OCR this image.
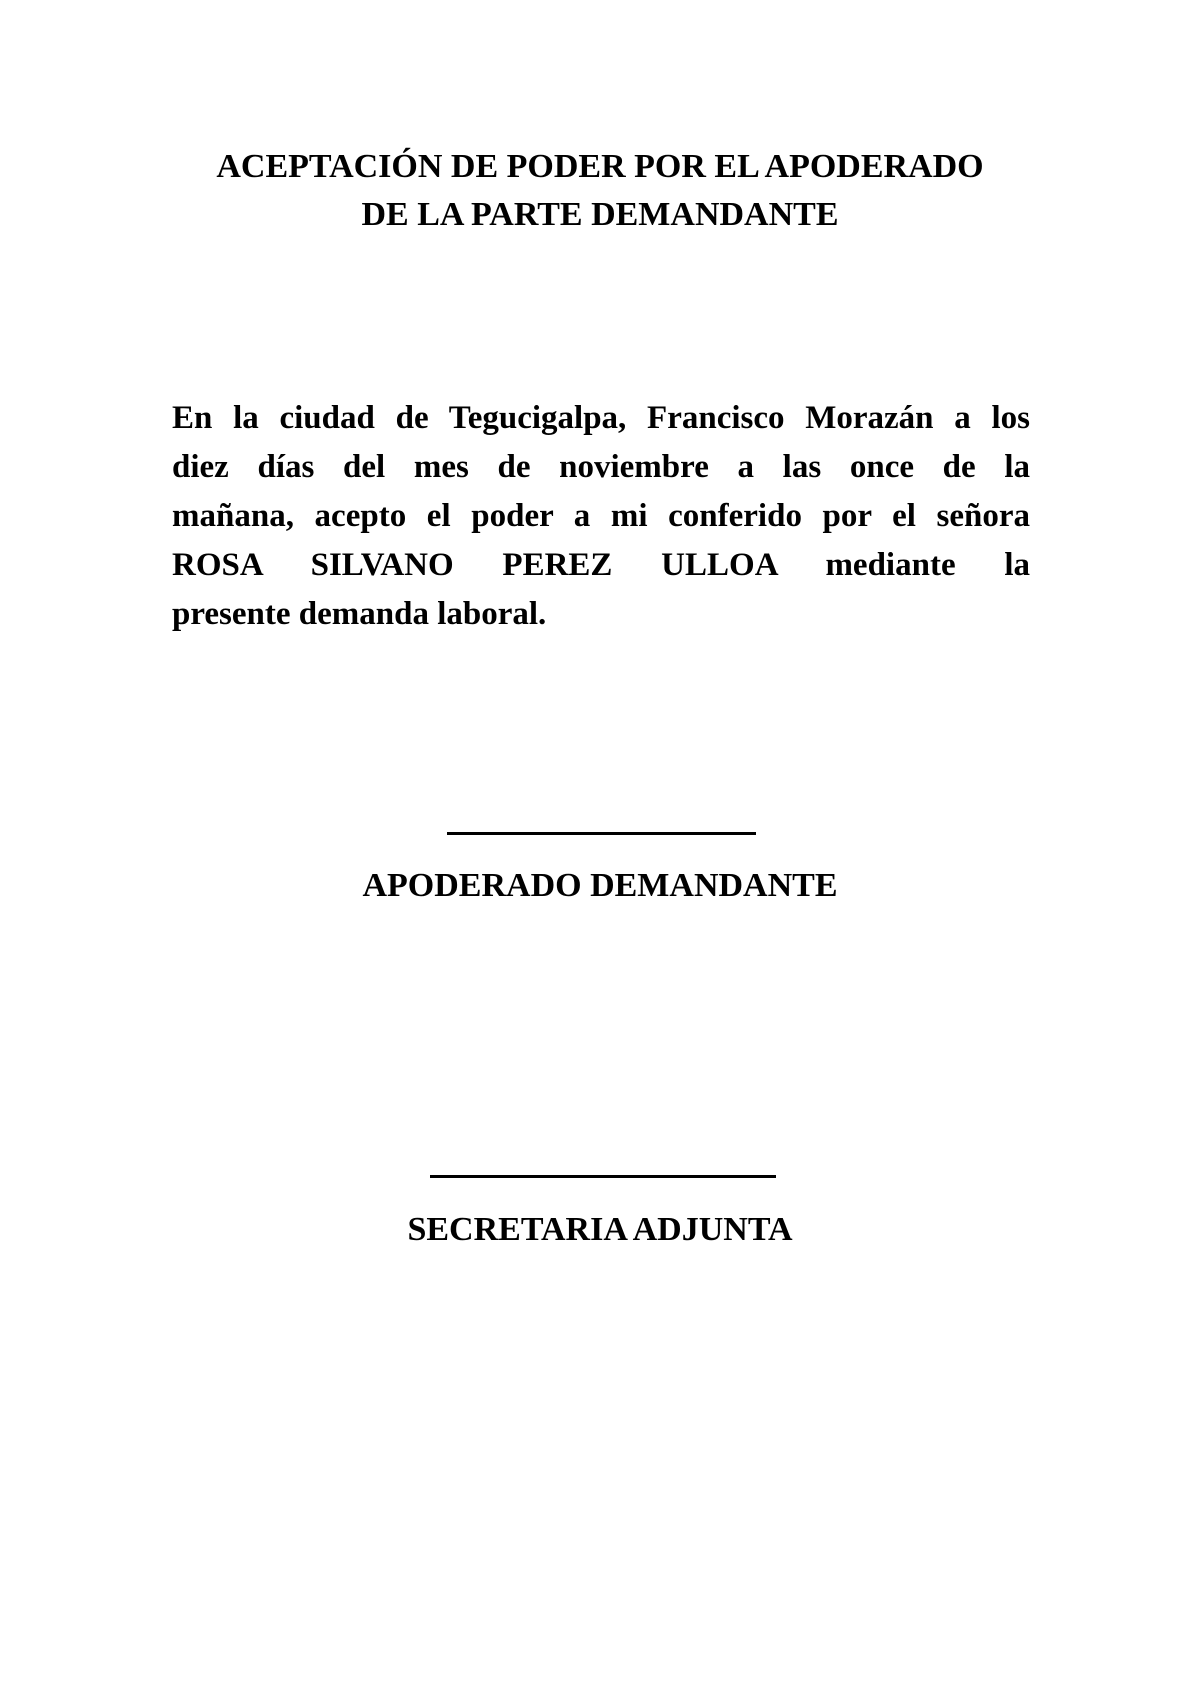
ACEPTACIÓN DE PODER POR EL APODERADO
DE LA PARTE DEMANDANTE
En la ciudad de Tegucigalpa, Francisco Morazán a los
diez días del mes de noviembre a las once de la
mañana, acepto el poder a mi conferido por el señora
ROSA SILVANO PEREZ ULLOA mediante la
presente demanda laboral.

APODERADO DEMANDANTE

SECRETARIA ADJUNTA
